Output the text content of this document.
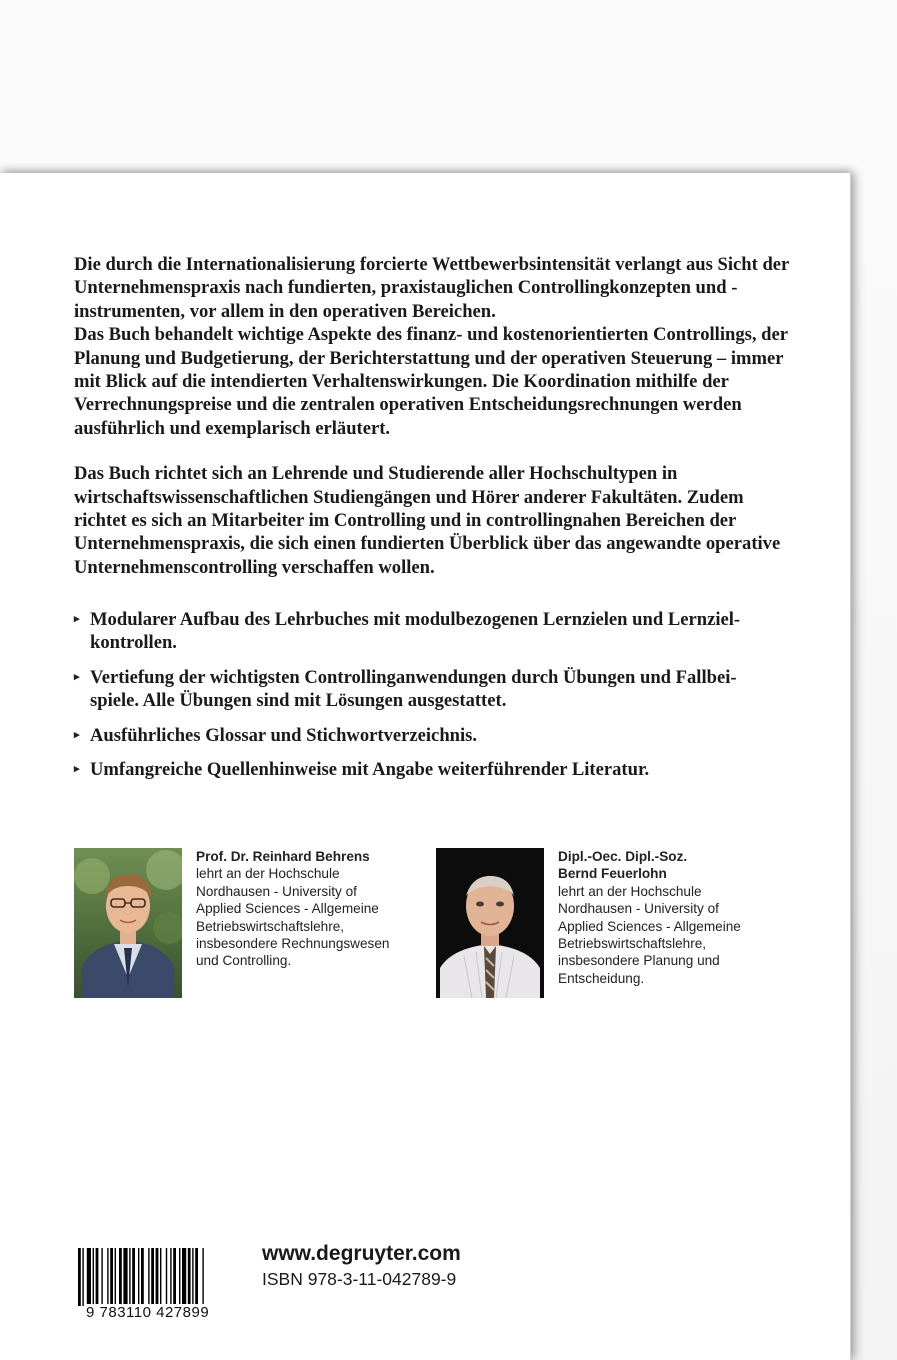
Die durch die Internationalisierung forcierte Wettbewerbsintensität verlangt aus Sicht der Unternehmenspraxis nach fundierten, praxistauglichen Controllingkonzepten und -instrumenten, vor allem in den operativen Bereichen.

Das Buch behandelt wichtige Aspekte des finanz- und kostenorientierten Controllings, der Planung und Budgetierung, der Berichterstattung und der operativen Steuerung – immer mit Blick auf die intendierten Verhaltenswirkungen. Die Koordination mithilfe der Verrechnungspreise und die zentralen operativen Entscheidungsrechnungen werden ausführlich und exemplarisch erläutert.

Das Buch richtet sich an Lehrende und Studierende aller Hochschultypen in wirtschaftswissenschaftlichen Studiengängen und Hörer anderer Fakultäten. Zudem richtet es sich an Mitarbeiter im Controlling und in controllingnahen Bereichen der Unternehmenspraxis, die sich einen fundierten Überblick über das angewandte operative Unternehmenscontrolling verschaffen wollen.

▸ Modularer Aufbau des Lehrbuches mit modulbezogenen Lernzielen und Lernziel-kontrollen.
▸ Vertiefung der wichtigsten Controllinganwendungen durch Übungen und Fallbei-spiele. Alle Übungen sind mit Lösungen ausgestattet.
▸ Ausführliches Glossar und Stichwortverzeichnis.
▸ Umfangreiche Quellenhinweise mit Angabe weiterführender Literatur.
Prof. Dr. Reinhard Behrens
lehrt an der Hochschule
Nordhausen - University of
Applied Sciences - Allgemeine
Betriebswirtschaftslehre,
insbesondere Rechnungswesen
und Controlling.
Dipl.-Oec. Dipl.-Soz.
Bernd Feuerlohn
lehrt an der Hochschule
Nordhausen - University of
Applied Sciences - Allgemeine
Betriebswirtschaftslehre,
insbesondere Planung und
Entscheidung.
9 783110 427899
www.degruyter.com
ISBN 978-3-11-042789-9
